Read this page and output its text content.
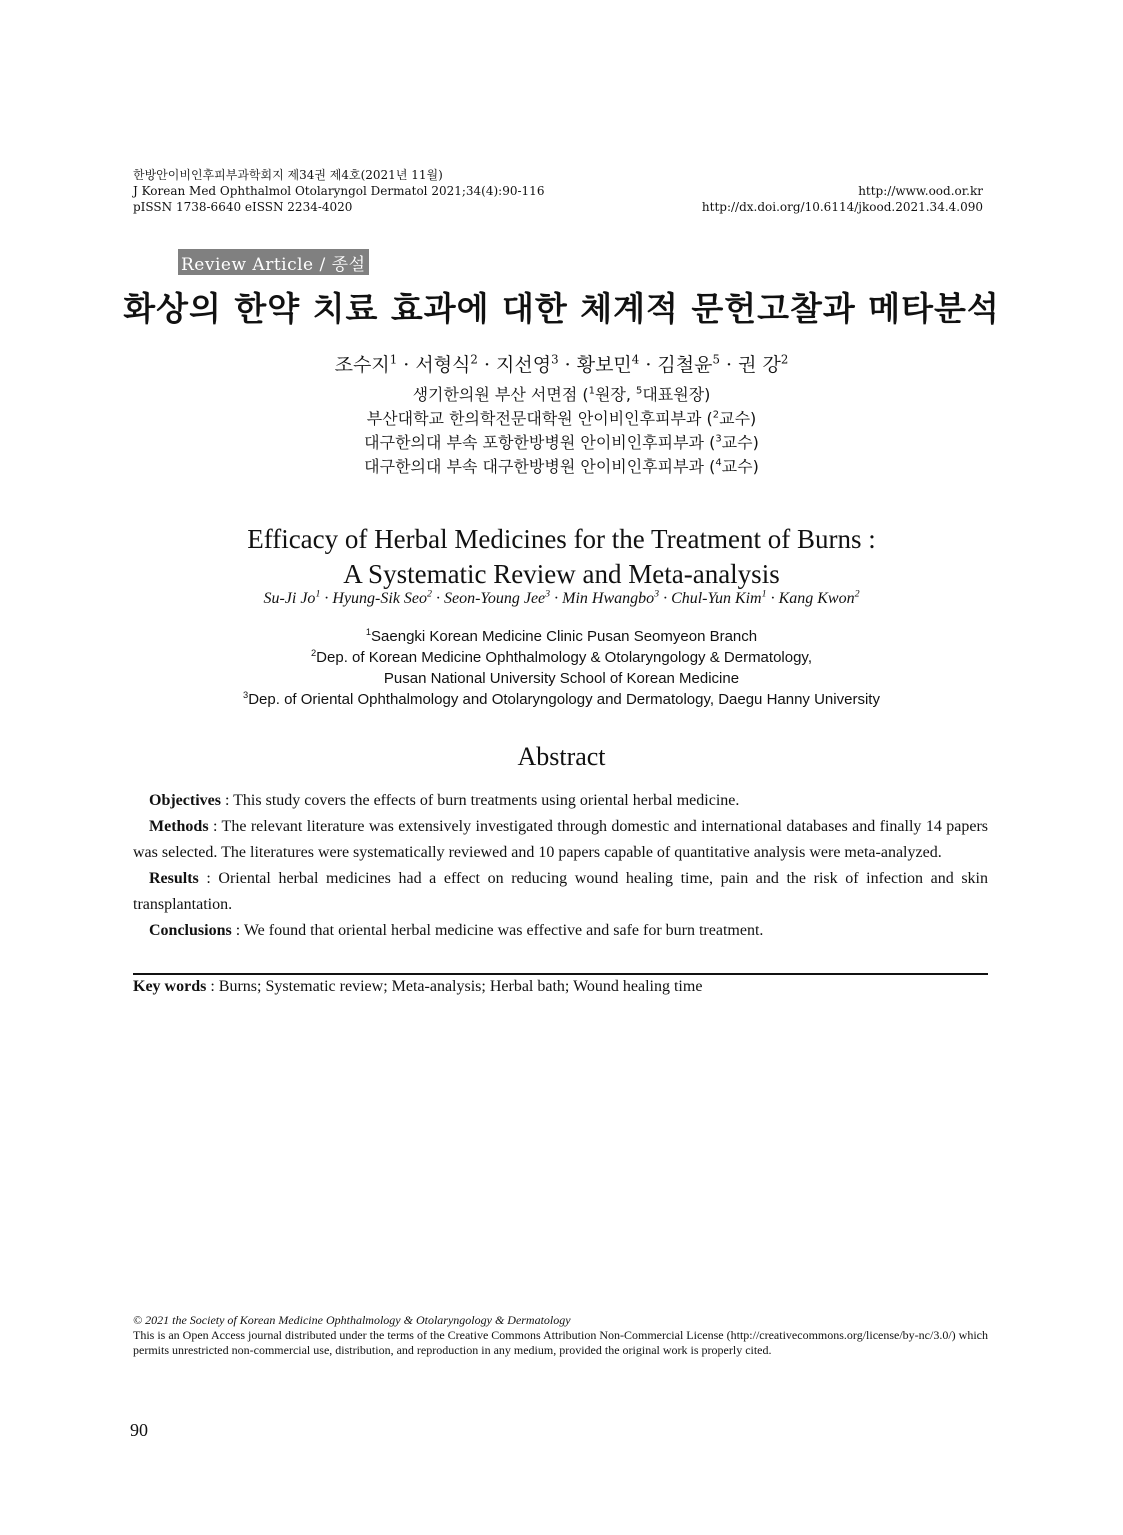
한방안이비인후피부과학회지 제34권 제4호(2021년 11월)
J Korean Med Ophthalmol Otolaryngol Dermatol 2021;34(4):90-116
pISSN 1738-6640 eISSN 2234-4020
http://www.ood.or.kr
http://dx.doi.org/10.6114/jkood.2021.34.4.090
Review Article / 종설
화상의 한약 치료 효과에 대한 체계적 문헌고찰과 메타분석
조수지$^1$ · 서형식$^2$ · 지선영$^3$ · 황보민$^4$ · 김철윤$^5$ · 권 강$^2$
생기한의원 부산 서면점 ($^1$원장, $^5$대표원장)
부산대학교 한의학전문대학원 안이비인후피부과 ($^2$교수)
대구한의대 부속 포항한방병원 안이비인후피부과 ($^3$교수)
대구한의대 부속 대구한방병원 안이비인후피부과 ($^4$교수)
Efficacy of Herbal Medicines for the Treatment of Burns :
A Systematic Review and Meta-analysis
Su-Ji $Jo^1$ · Hyung-Sik Seo$^2$ · Seon-Young Jee$^3$ · Min Hwangbo$^3$ · Chul-Yun Kim$^1$ · Kang Kwon$^2$
$^1$Saengki Korean Medicine Clinic Pusan Seomyeon Branch
$^2$Dep. of Korean Medicine Ophthalmology & Otolaryngology & Dermatology,
Pusan National University School of Korean Medicine
$^3$Dep. of Oriental Ophthalmology and Otolaryngology and Dermatology, Daegu Hanny University
Abstract

Objectives : This study covers the effects of burn treatments using oriental herbal medicine.

Methods : The relevant literature was extensively investigated through domestic and international databases and finally 14 papers was selected. The literatures were systematically reviewed and 10 papers capable of quantitative analysis were meta-analyzed.

Results : Oriental herbal medicines had a effect on reducing wound healing time, pain and the risk of infection and skin transplantation.

Conclusions : We found that oriental herbal medicine was effective and safe for burn treatment.

Key words : Burns; Systematic review; Meta-analysis; Herbal bath; Wound healing time
© 2021 the Society of Korean Medicine Ophthalmology & Otolaryngology & Dermatology
This is an Open Access journal distributed under the terms of the Creative Commons Attribution Non-Commercial License (http://creativecommons.org/license/by-nc/3.0/) which permits unrestricted non-commercial use, distribution, and reproduction in any medium, provided the original work is properly cited.
90
